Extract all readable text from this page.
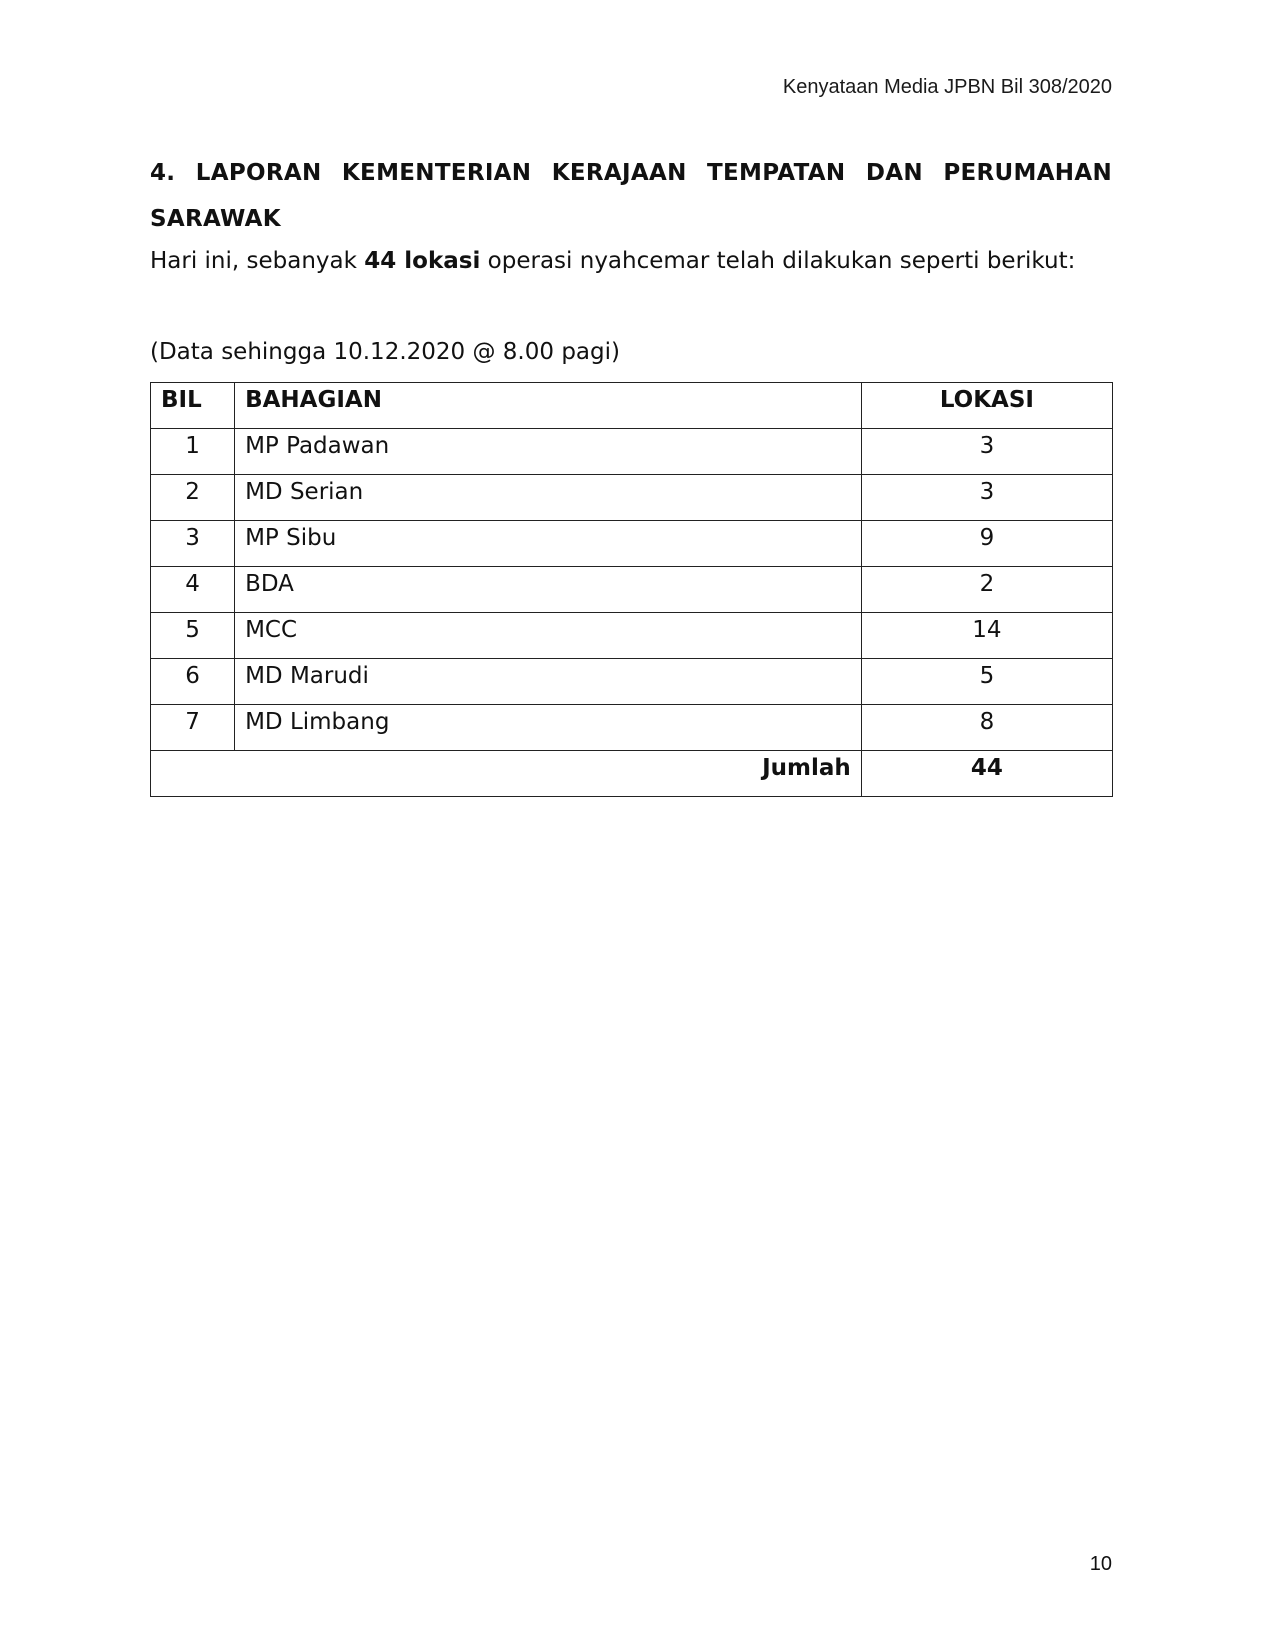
Kenyataan Media JPBN Bil 308/2020
4. LAPORAN KEMENTERIAN KERAJAAN TEMPATAN DAN PERUMAHAN SARAWAK
Hari ini, sebanyak 44 lokasi operasi nyahcemar telah dilakukan seperti berikut:
(Data sehingga 10.12.2020 @ 8.00 pagi)
BIL	BAHAGIAN	LOKASI
1	MP Padawan	3
2	MD Serian	3
3	MP Sibu	9
4	BDA	2
5	MCC	14
6	MD Marudi	5
7	MD Limbang	8
Jumlah		44
10
